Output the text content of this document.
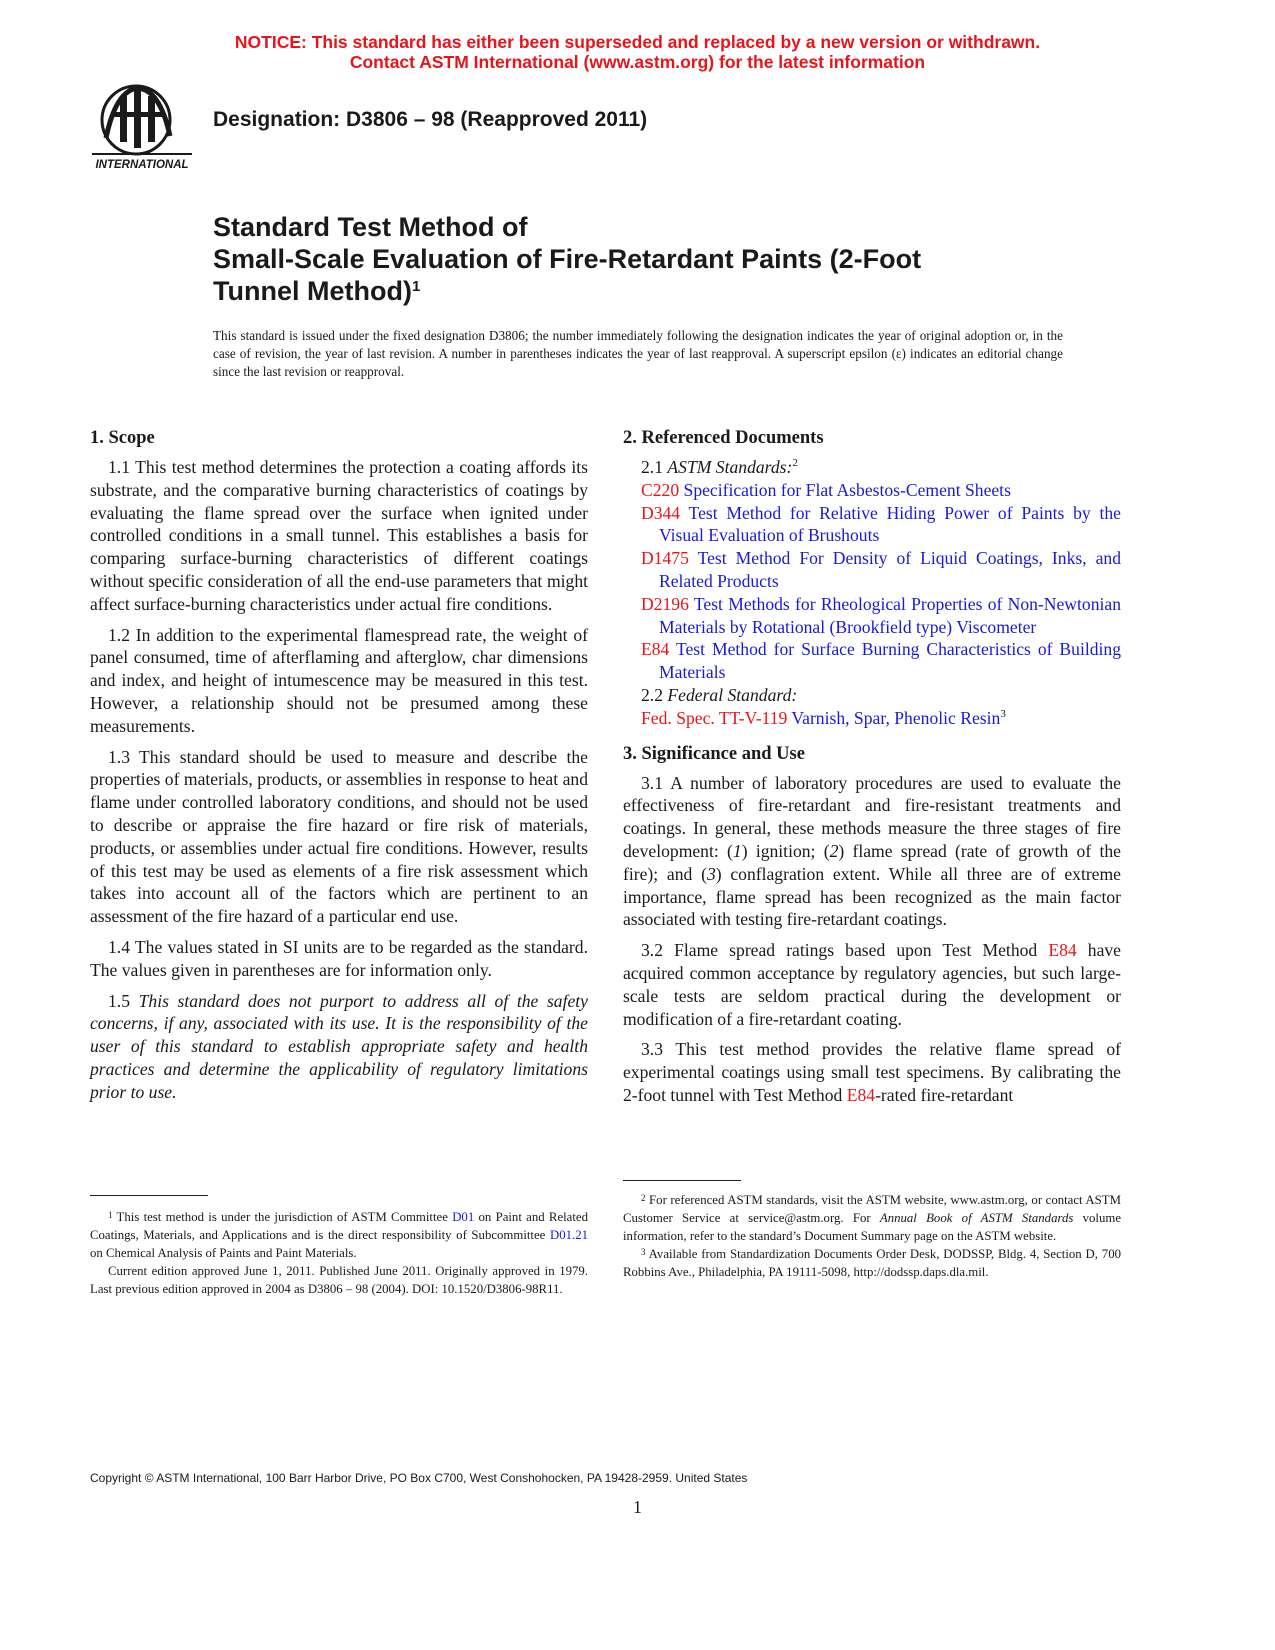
NOTICE: This standard has either been superseded and replaced by a new version or withdrawn.
Contact ASTM International (www.astm.org) for the latest information
INTERNATIONAL
Designation: D3806 – 98 (Reapproved 2011)
Standard Test Method of
Small-Scale Evaluation of Fire-Retardant Paints (2-Foot
Tunnel Method)$^1$
This standard is issued under the fixed designation D3806; the number immediately following the designation indicates the year of original adoption or, in the case of revision, the year of last revision. A number in parentheses indicates the year of last reapproval. A superscript epsilon (ε) indicates an editorial change since the last revision or reapproval.
1. Scope

1.1 This test method determines the protection a coating affords its substrate, and the comparative burning characteristics of coatings by evaluating the flame spread over the surface when ignited under controlled conditions in a small tunnel. This establishes a basis for comparing surface-burning characteristics of different coatings without specific consideration of all the end-use parameters that might affect surface-burning characteristics under actual fire conditions.

1.2 In addition to the experimental flamespread rate, the weight of panel consumed, time of afterflaming and afterglow, char dimensions and index, and height of intumescence may be measured in this test. However, a relationship should not be presumed among these measurements.

1.3 This standard should be used to measure and describe the properties of materials, products, or assemblies in response to heat and flame under controlled laboratory conditions, and should not be used to describe or appraise the fire hazard or fire risk of materials, products, or assemblies under actual fire conditions. However, results of this test may be used as elements of a fire risk assessment which takes into account all of the factors which are pertinent to an assessment of the fire hazard of a particular end use.

1.4 The values stated in SI units are to be regarded as the standard. The values given in parentheses are for information only.

1.5 This standard does not purport to address all of the safety concerns, if any, associated with its use. It is the responsibility of the user of this standard to establish appropriate safety and health practices and determine the applicability of regulatory limitations prior to use.

2. Referenced Documents
2.1 ASTM Standards:$^2$
C220 Specification for Flat Asbestos-Cement Sheets
D344 Test Method for Relative Hiding Power of Paints by the Visual Evaluation of Brushouts
D1475 Test Method For Density of Liquid Coatings, Inks, and Related Products
D2196 Test Methods for Rheological Properties of Non-Newtonian Materials by Rotational (Brookfield type) Viscometer
E84 Test Method for Surface Burning Characteristics of Building Materials
2.2 Federal Standard:
Fed. Spec. TT-V-119 Varnish, Spar, Phenolic Resin$^3$
3. Significance and Use

3.1 A number of laboratory procedures are used to evaluate the effectiveness of fire-retardant and fire-resistant treatments and coatings. In general, these methods measure the three stages of fire development: (1) ignition; (2) flame spread (rate of growth of the fire); and (3) conflagration extent. While all three are of extreme importance, flame spread has been recognized as the main factor associated with testing fire-retardant coatings.

3.2 Flame spread ratings based upon Test Method E84 have acquired common acceptance by regulatory agencies, but such large-scale tests are seldom practical during the development or modification of a fire-retardant coating.

3.3 This test method provides the relative flame spread of experimental coatings using small test specimens. By calibrating the 2-foot tunnel with Test Method E84-rated fire-retardant

$^1$ This test method is under the jurisdiction of ASTM Committee D01 on Paint and Related Coatings, Materials, and Applications and is the direct responsibility of Subcommittee D01.21 on Chemical Analysis of Paints and Paint Materials.

Current edition approved June 1, 2011. Published June 2011. Originally approved in 1979. Last previous edition approved in 2004 as D3806 – 98 (2004). DOI: 10.1520/D3806-98R11.

$^2$ For referenced ASTM standards, visit the ASTM website, www.astm.org, or contact ASTM Customer Service at service@astm.org. For Annual Book of ASTM Standards volume information, refer to the standard’s Document Summary page on the ASTM website.

$^3$ Available from Standardization Documents Order Desk, DODSSP, Bldg. 4, Section D, 700 Robbins Ave., Philadelphia, PA 19111-5098, http://dodssp.daps.dla.mil.

Copyright © ASTM International, 100 Barr Harbor Drive, PO Box C700, West Conshohocken, PA 19428-2959. United States
1
